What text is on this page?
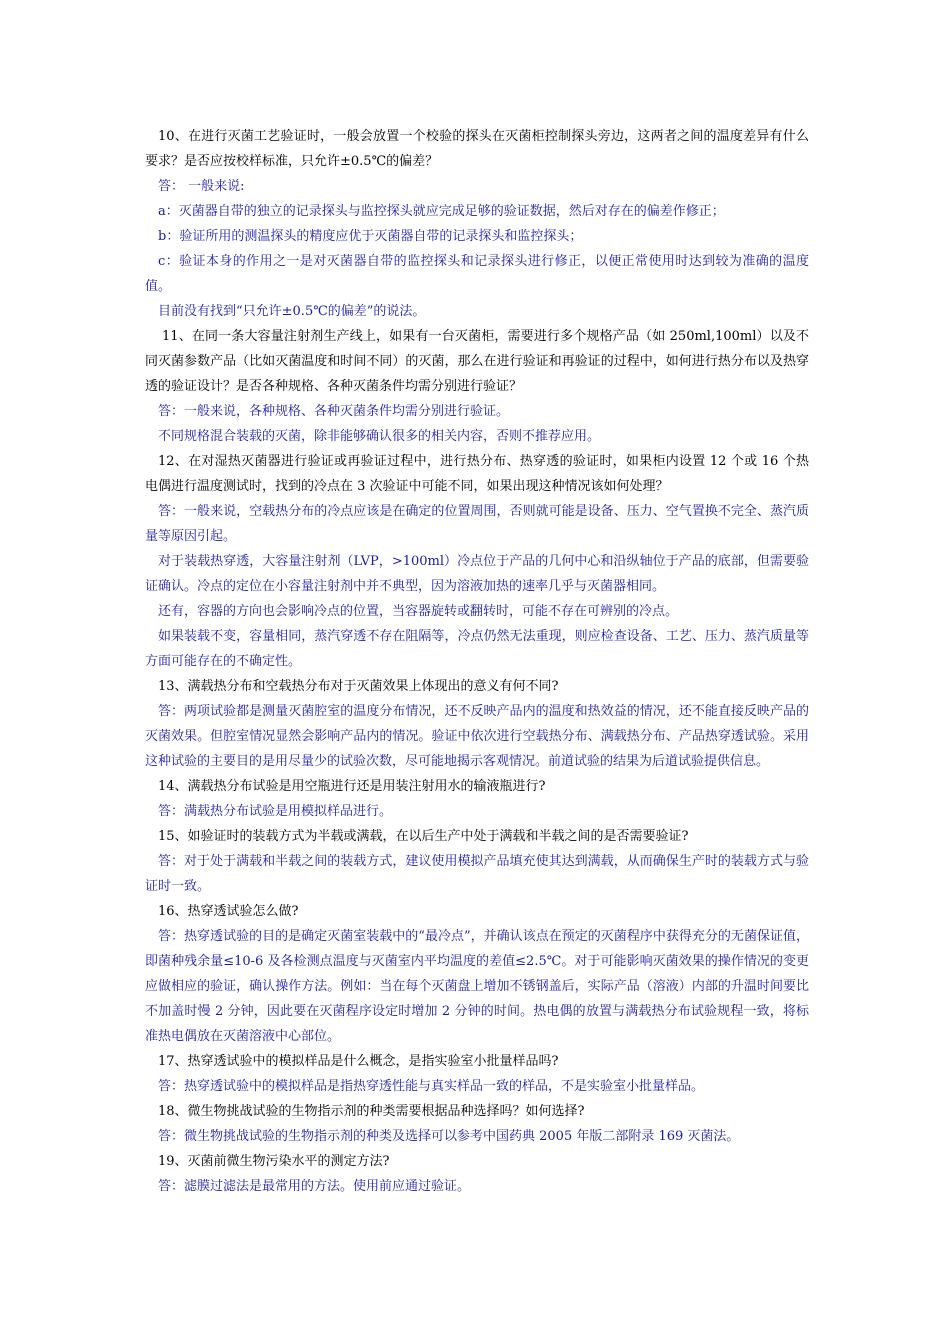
10、在进行灭菌工艺验证时，一般会放置一个校验的探头在灭菌柜控制探头旁边，这两者之间的温度差异有什么要求？是否应按校样标准，只允许±0.5℃的偏差？

答： 一般来说:

a：灭菌器自带的独立的记录探头与监控探头就应完成足够的验证数据，然后对存在的偏差作修正；

b：验证所用的测温探头的精度应优于灭菌器自带的记录探头和监控探头；

c：验证本身的作用之一是对灭菌器自带的监控探头和记录探头进行修正，以便正常使用时达到较为准确的温度值。

目前没有找到“只允许±0.5℃的偏差”的说法。

11、在同一条大容量注射剂生产线上，如果有一台灭菌柜，需要进行多个规格产品（如 250ml,100ml）以及不同灭菌参数产品（比如灭菌温度和时间不同）的灭菌，那么在进行验证和再验证的过程中，如何进行热分布以及热穿透的验证设计？是否各种规格、各种灭菌条件均需分别进行验证？

答：一般来说，各种规格、各种灭菌条件均需分别进行验证。

不同规格混合装载的灭菌，除非能够确认很多的相关内容，否则不推荐应用。

12、在对湿热灭菌器进行验证或再验证过程中，进行热分布、热穿透的验证时，如果柜内设置 12 个或 16 个热电偶进行温度测试时，找到的冷点在 3 次验证中可能不同，如果出现这种情况该如何处理？

答：一般来说，空载热分布的冷点应该是在确定的位置周围，否则就可能是设备、压力、空气置换不完全、蒸汽质量等原因引起。

对于装载热穿透，大容量注射剂（LVP，>100ml）冷点位于产品的几何中心和沿纵轴位于产品的底部，但需要验证确认。冷点的定位在小容量注射剂中并不典型，因为溶液加热的速率几乎与灭菌器相同。

还有，容器的方向也会影响冷点的位置，当容器旋转或翻转时，可能不存在可辨别的冷点。

如果装载不变，容量相同，蒸汽穿透不存在阻隔等，冷点仍然无法重现，则应检查设备、工艺、压力、蒸汽质量等方面可能存在的不确定性。

13、满载热分布和空载热分布对于灭菌效果上体现出的意义有何不同?

答：两项试验都是测量灭菌腔室的温度分布情况，还不反映产品内的温度和热效益的情况，还不能直接反映产品的灭菌效果。但腔室情况显然会影响产品内的情况。验证中依次进行空载热分布、满载热分布、产品热穿透试验。采用这种试验的主要目的是用尽量少的试验次数，尽可能地揭示客观情况。前道试验的结果为后道试验提供信息。

14、满载热分布试验是用空瓶进行还是用装注射用水的输液瓶进行?

答：满载热分布试验是用模拟样品进行。

15、如验证时的装载方式为半载或满载，在以后生产中处于满载和半载之间的是否需要验证?

答：对于处于满载和半载之间的装载方式，建议使用模拟产品填充使其达到满载，从而确保生产时的装载方式与验证时一致。

16、热穿透试验怎么做?

答：热穿透试验的目的是确定灭菌室装载中的“最冷点”，并确认该点在预定的灭菌程序中获得充分的无菌保证值，即菌种残余量≤10-6 及各检测点温度与灭菌室内平均温度的差值≤2.5℃。对于可能影响灭菌效果的操作情况的变更应做相应的验证，确认操作方法。例如：当在每个灭菌盘上增加不锈钢盖后，实际产品（溶液）内部的升温时间要比不加盖时慢 2 分钟，因此要在灭菌程序设定时增加 2 分钟的时间。热电偶的放置与满载热分布试验规程一致，将标准热电偶放在灭菌溶液中心部位。

17、热穿透试验中的模拟样品是什么概念，是指实验室小批量样品吗?

答：热穿透试验中的模拟样品是指热穿透性能与真实样品一致的样品，不是实验室小批量样品。

18、微生物挑战试验的生物指示剂的种类需要根据品种选择吗？如何选择?

答：微生物挑战试验的生物指示剂的种类及选择可以参考中国药典 2005 年版二部附录 169 灭菌法。

19、灭菌前微生物污染水平的测定方法?

答：滤膜过滤法是最常用的方法。使用前应通过验证。
